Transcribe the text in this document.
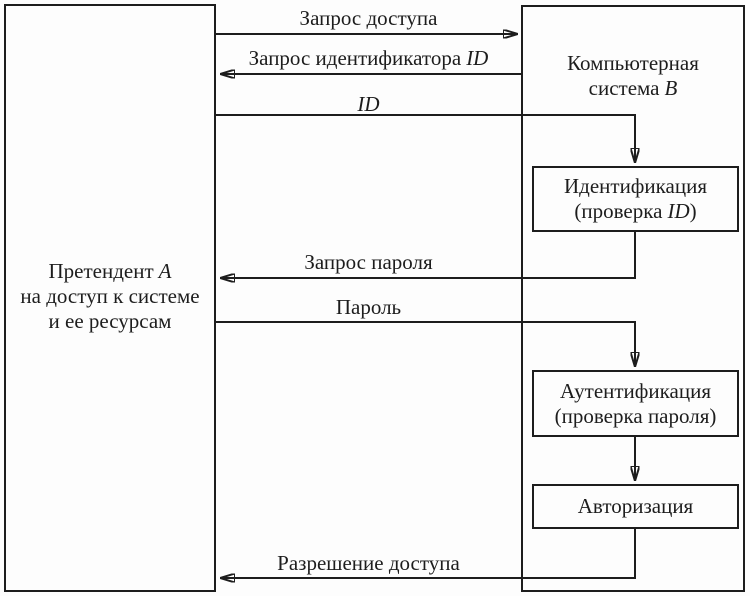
Претендент A
на доступ к системе
и ее ресурсам
Компьютерная
система B
Идентификация
(проверка ID)
Аутентификация
(проверка пароля)
Авторизация
Запрос доступа
Запрос идентификатора ID
ID
Запрос пароля
Пароль
Разрешение доступа
